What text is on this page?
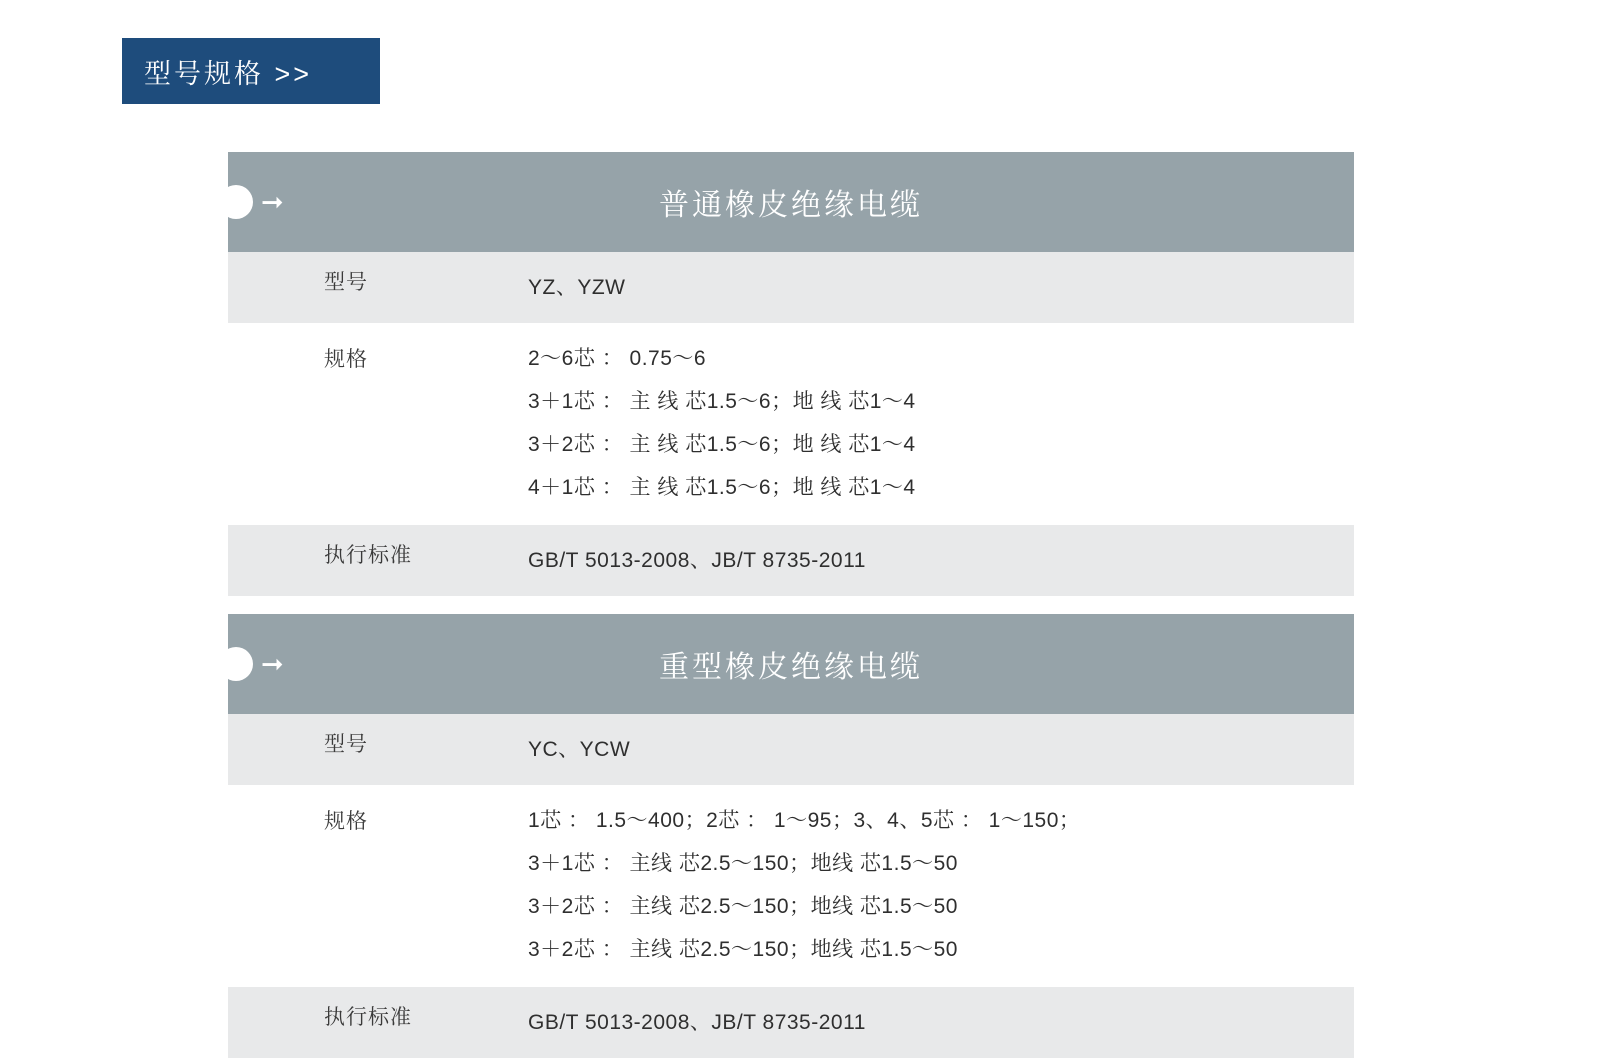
型号规格 >>
➞	普通橡皮绝缘电缆
型号	YZ、YZW
规格	2～6芯 ： 0.75～6
3＋1芯 ： 主 线 芯1.5～6；地 线 芯1～4
3＋2芯 ： 主 线 芯1.5～6；地 线 芯1～4
4＋1芯 ： 主 线 芯1.5～6；地 线 芯1～4
执行标准	GB/T 5013-2008、JB/T 8735-2011
➞	重型橡皮绝缘电缆
型号	YC、YCW
规格	1芯 ： 1.5～400；2芯 ： 1～95；3、4、5芯 ： 1～150；
3＋1芯 ： 主线 芯2.5～150；地线 芯1.5～50
3＋2芯 ： 主线 芯2.5～150；地线 芯1.5～50
3＋2芯 ： 主线 芯2.5～150；地线 芯1.5～50
执行标准	GB/T 5013-2008、JB/T 8735-2011
